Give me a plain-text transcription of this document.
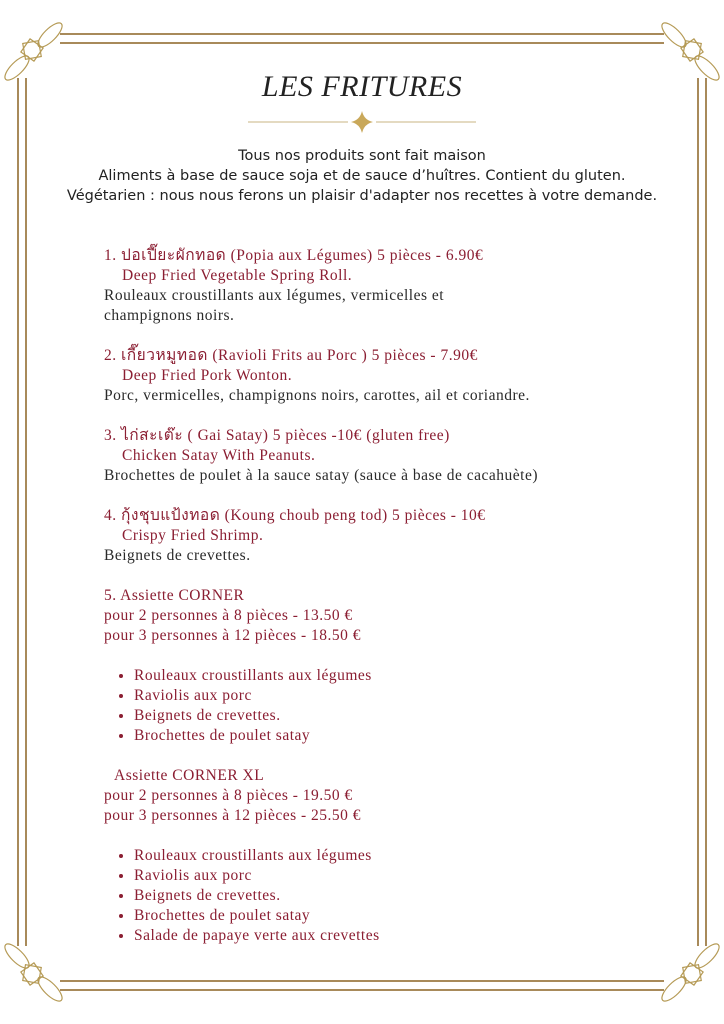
LES FRITURES
Tous nos produits sont fait maison
Aliments à base de sauce soja et de sauce d’huîtres. Contient du gluten.
Végétarien : nous nous ferons un plaisir d'adapter nos recettes à votre demande.
1. ปอเปี๊ยะผักทอด (Popia aux Légumes) 5 pièces - 6.90€
Deep Fried Vegetable Spring Roll.
Rouleaux croustillants aux légumes, vermicelles et
champignons noirs.
2. เกี๊ยวหมูทอด (Ravioli Frits au Porc ) 5 pièces - 7.90€
Deep Fried Pork Wonton.
Porc, vermicelles, champignons noirs, carottes, ail et coriandre.
3. ไก่สะเต๊ะ ( Gai Satay) 5 pièces -10€ (gluten free)
Chicken Satay With Peanuts.
Brochettes de poulet à la sauce satay (sauce à base de cacahuète)
4. กุ้งชุบแป้งทอด (Koung choub peng tod) 5 pièces - 10€
Crispy Fried Shrimp.
Beignets de crevettes.
5. Assiette CORNER
pour 2 personnes à 8 pièces - 13.50 €
pour 3 personnes à 12 pièces - 18.50 €
• Rouleaux croustillants aux légumes
• Raviolis aux porc
• Beignets de crevettes.
• Brochettes de poulet satay
Assiette CORNER XL
pour 2 personnes à 8 pièces - 19.50 €
pour 3 personnes à 12 pièces - 25.50 €
• Rouleaux croustillants aux légumes
• Raviolis aux porc
• Beignets de crevettes.
• Brochettes de poulet satay
• Salade de papaye verte aux crevettes
